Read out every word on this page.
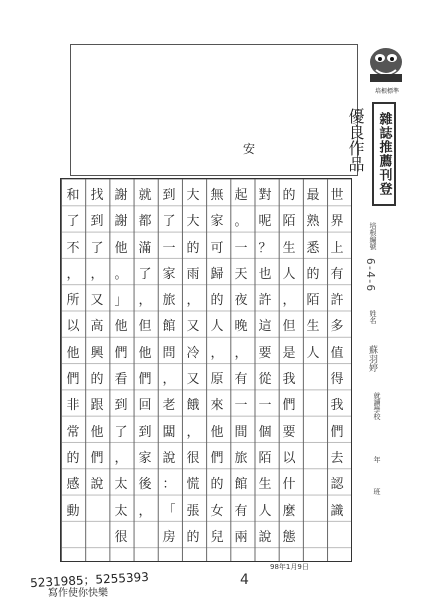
培根標準
雜誌推薦刊登
優良作品
安
培根編號
6-4-6
姓名
蘇羽婷
就讀學校
年
班
世
界
上
有
許
多
值
得
我
們
去
認
識
最
熟
悉
的
陌
生
人
的
陌
生
人
，
但
是
我
們
要
以
什
麼
態
對
呢
？
也
許
這
要
從
一
個
陌
生
人
說
起
。
一
天
夜
晚
，
有
一
間
旅
館
有
兩
無
家
可
歸
的
人
，
原
來
他
們
的
女
兒
大
大
的
雨
，
又
冷
又
餓
，
很
慌
張
的
到
了
一
家
旅
館
問
，
老
闆
說
：
「
房
就
都
滿
了
，
但
他
們
回
到
家
後
，
謝
謝
他
。
」
他
們
看
到
了
，
太
太
很
找
到
了
，
又
高
興
的
跟
他
們
說
和
了
不
，
所
以
他
們
非
常
的
感
動
98年1月9日
4
5231985；5255393
寫作使你快樂
